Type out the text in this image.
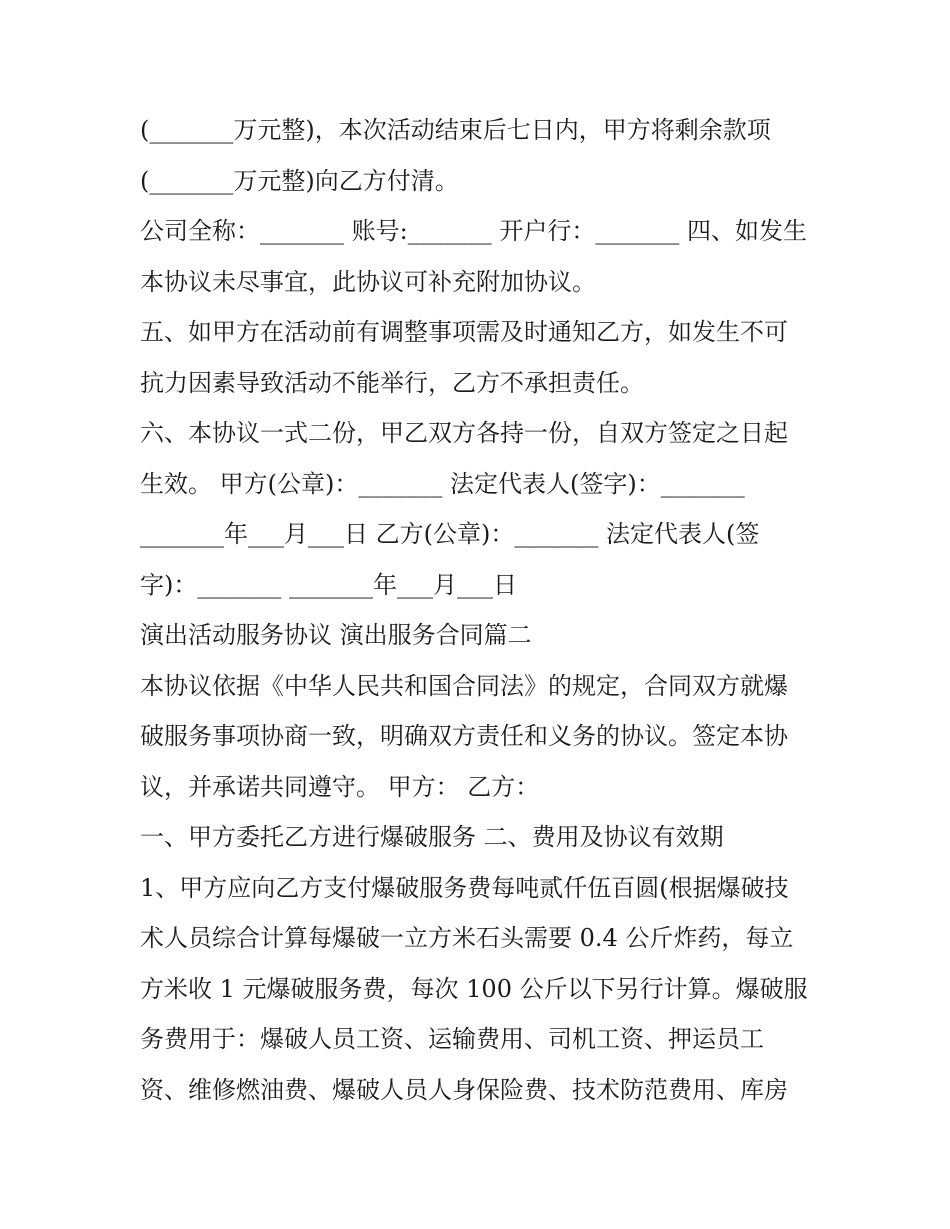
(_______万元整)，本次活动结束后七日内，甲方将剩余款项
(_______万元整)向乙方付清。
公司全称：_______ 账号:_______ 开户行：_______ 四、如发生
本协议未尽事宜，此协议可补充附加协议。
五、如甲方在活动前有调整事项需及时通知乙方，如发生不可
抗力因素导致活动不能举行，乙方不承担责任。
六、本协议一式二份，甲乙双方各持一份，自双方签定之日起
生效。 甲方(公章)：_______ 法定代表人(签字)：_______
_______年___月___日 乙方(公章)：_______ 法定代表人(签
字)：_______ _______年___月___日
演出活动服务协议 演出服务合同篇二
本协议依据《中华人民共和国合同法》的规定，合同双方就爆
破服务事项协商一致，明确双方责任和义务的协议。签定本协
议，并承诺共同遵守。 甲方： 乙方：
一、甲方委托乙方进行爆破服务 二、费用及协议有效期
1、甲方应向乙方支付爆破服务费每吨贰仟伍百圆(根据爆破技
术人员综合计算每爆破一立方米石头需要 0.4 公斤炸药，每立
方米收 1 元爆破服务费，每次 100 公斤以下另行计算。爆破服
务费用于：爆破人员工资、运输费用、司机工资、押运员工
资、维修燃油费、爆破人员人身保险费、技术防范费用、库房
